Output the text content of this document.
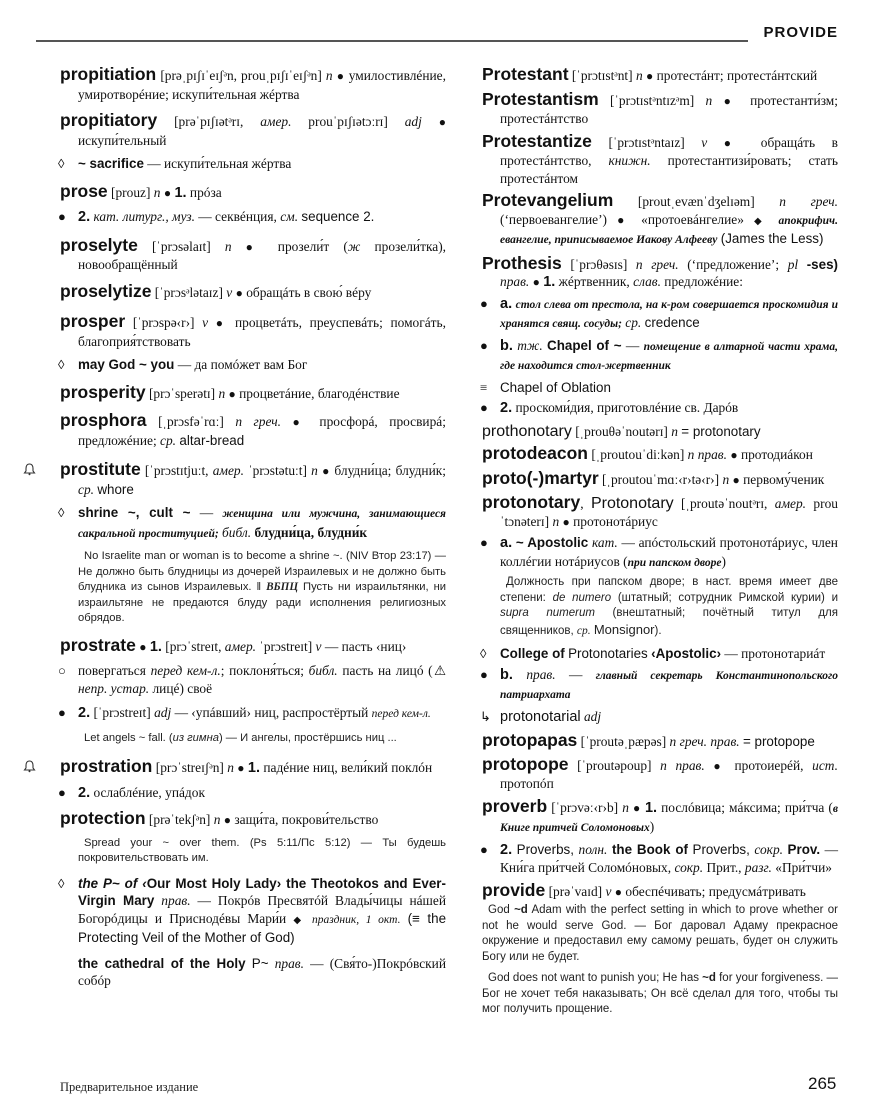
PROVIDE
propitiation [prəˌpɪʃɪˈeɪʃᵊn, prouˌpɪʃɪˈeɪʃᵊn] n ● умилостивлéние, умиротворéние; искупи́тельная жéртва
propitiatory [prəˈpɪʃɪətᵊrɪ, амер. prouˈpɪʃɪətɔːrɪ] adj ● искупи́тельный
◊	~ sacrifice — искупи́тельная жéртва
prose [prouz] n ● 1. прóза
● 2. кат. литург., муз. — секвéнция, см. sequence 2.
proselyte [ˈprɔsəlaɪt] n ● прозели́т (ж прозели́тка), новообращённый
proselytize [ˈprɔsᵊlətaɪz] v ● обращáть в свою́ вéру
prosper [ˈprɔspə‹r›] v ● процветáть, преуспевáть; помогáть, благоприя́тствовать
◊	may God ~ you — да помóжет вам Бог
prosperity [prɔˈsperətɪ] n ● процветáние, благодéнствие
prosphora [ˌprɔsfəˈrɑː] n греч. ● просфорá, просвирá; предложéние; ср. altar-bread
prostitute [ˈprɔstɪtjuːt, амер. ˈprɔstətuːt] n ● блудни́ца; блудни́к; ср. whore
◊	shrine ~, cult ~ — женщина или мужчина, занимающиеся сакральной проституцией; библ. блудни́ца, блудни́к
No Israelite man or woman is to become a shrine ~. (NIV Втор 23:17) — Не должно быть блудницы из дочерей Израилевых и не должно быть блудника из сынов Израилевых. ‖ ВБПЦ Пусть ни израильтянки, ни израильтяне не предаются блуду ради исполнения религиозных обрядов.
prostrate ● 1. [prɔˈstreɪt, амер. ˈprɔstreɪt] v — пасть ‹ниц›
○ повергаться перед кем-л.; поклоня́ться; библ. пасть на лицó (⚠ непр. устар. лицé) своё
● 2. [ˈprɔstreɪt] adj — ‹упáвший› ниц, распростёртый перед кем-л.
Let angels ~ fall. (из гимна) — И ангелы, простёршись ниц ...
prostration [prɔˈstreɪʃᵊn] n ● 1. падéние ниц, вели́кий поклóн
● 2. ослаблéние, упáдок
protection [prəˈtekʃᵊn] n ● защи́та, покрови́тельство
Spread your ~ over them. (Ps 5:11/Пс 5:12) — Ты будешь покровительствовать им.
◊	the P~ of ‹Our Most Holy Lady› the Theotokos and Ever-Virgin Mary прав. — Покрóв Пресвятóй Влады́чицы нáшей Богорóдицы и Приснодéвы Мари́и ◆ праздник, 1 окт. (≡ the Protecting Veil of the Mother of God)
the cathedral of the Holy P~ прав. — (Свя́то-)Покрóвский собóр
Protestant [ˈprɔtɪstᵊnt] n ● протестáнт; протестáнтский
Protestantism [ˈprɔtɪstᵊntɪzᵊm] n ● протестанти́зм; протестáнтство
Protestantize [ˈprɔtɪstᵊntaɪz] v ● обращáть в протестáнтство, книжн. протестантизи́ровать; стать протестáнтом
Protevangelium [proutˌevænˈdʒelɪəm] n греч. (‘первоевангелие’) ● «протоевáнгелие» ◆ апокрифич. евангелие, приписываемое Иакову Алфееву (James the Less)
Prothesis [ˈprɔθəsɪs] n греч. (‘предложение’; pl -ses) прав. ● 1. жéртвенник, слав. предложéние:
● a. стол слева от престола, на к-ром совершается проскомидия и хранятся свящ. сосуды; ср. credence
● b. тж. Chapel of ~ — помещение в алтарной части храма, где находится стол-жертвенник
≡ Chapel of Oblation
● 2. проскоми́дия, приготовлéние св. Дарóв
prothonotary [ˌprouθəˈnoutərɪ] n = protonotary
protodeacon [ˌproutouˈdiːkən] n прав. ● протодиáкон
proto(-)martyr [ˌproutouˈmɑː‹r›tə‹r›] n ● первому́ченик
protonotary, Protonotary [ˌproutəˈnoutᵊrɪ, амер. prouˈtɔnəterɪ] n ● протонотáриус
● a. ~ Apostolic кат. — апóстольский протонотáриус, член коллéгии нотáриусов (при папском дворе)
Должность при папском дворе; в наст. время имеет две степени: de numero (штатный; сотрудник Римской курии) и supra numerum (внештатный; почётный титул для священников, ср. Monsignor).
◊	College of Protonotaries ‹Apostolic› — протонотариáт
● b. прав. — главный секретарь Константинопольского патриархата
↳ protonotarial adj
protopapas [ˈproutəˌpæpəs] n греч. прав. = protopope
protopope [ˈproutəpoup] n прав. ● протоиерéй, ист. протопóп
proverb [ˈprɔvəː‹r›b] n ● 1. послóвица; мáксима; при́тча (в Книге притчей Соломоновых)
● 2. Proverbs, полн. the Book of Proverbs, сокр. Prov. — Кни́га при́тчей Соломóновых, сокр. Прит., разг. «При́тчи»
provide [prəˈvaɪd] v ● обеспéчивать; предусмáтривать
God ~d Adam with the perfect setting in which to prove whether or not he would serve God. — Бог даровал Адаму прекрасное окружение и предоставил ему самому решать, будет он служить Богу или не будет.
God does not want to punish you; He has ~d for your forgiveness. — Бог не хочет тебя наказывать; Он всё сделал для того, чтобы ты мог получить прощение.
Предварительное издание	265
